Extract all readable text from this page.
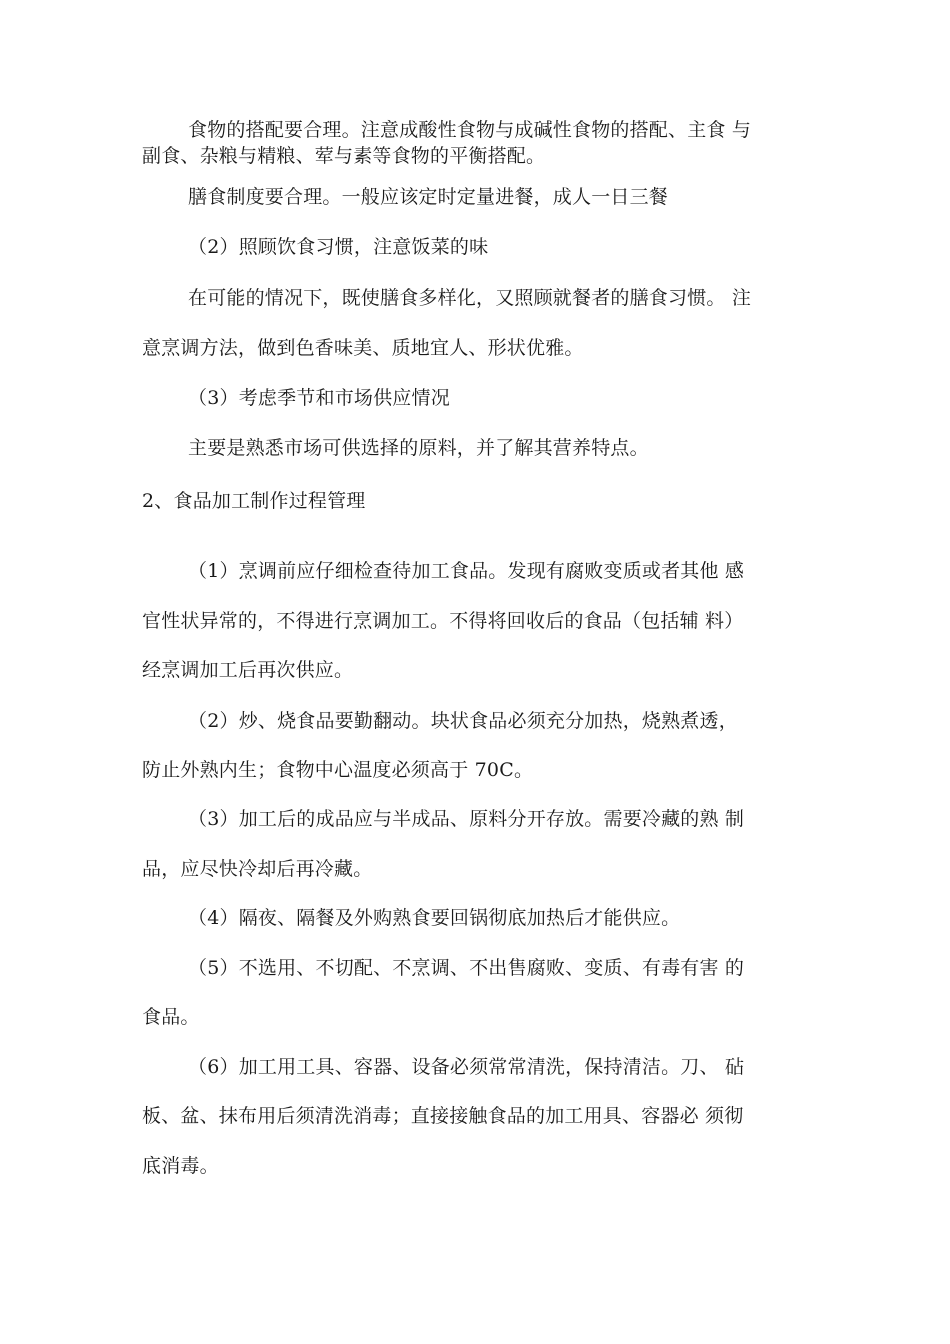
食物的搭配要合理。注意成酸性食物与成碱性食物的搭配、主食 与
副食、杂粮与精粮、荤与素等食物的平衡搭配。
膳食制度要合理。一般应该定时定量进餐，成人一日三餐
（2）照顾饮食习惯，注意饭菜的味
在可能的情况下，既使膳食多样化，又照顾就餐者的膳食习惯。 注
意烹调方法，做到色香味美、质地宜人、形状优雅。
（3）考虑季节和市场供应情况
主要是熟悉市场可供选择的原料，并了解其营养特点。
2、食品加工制作过程管理
（1）烹调前应仔细检查待加工食品。发现有腐败变质或者其他 感
官性状异常的，不得进行烹调加工。不得将回收后的食品（包括辅 料）
经烹调加工后再次供应。
（2）炒、烧食品要勤翻动。块状食品必须充分加热，烧熟煮透，
防止外熟内生；食物中心温度必须高于 70C。
（3）加工后的成品应与半成品、原料分开存放。需要冷藏的熟 制
品，应尽快冷却后再冷藏。
（4）隔夜、隔餐及外购熟食要回锅彻底加热后才能供应。
（5）不选用、不切配、不烹调、不出售腐败、变质、有毒有害 的
食品。
（6）加工用工具、容器、设备必须常常清洗，保持清洁。刀、 砧
板、盆、抹布用后须清洗消毒；直接接触食品的加工用具、容器必 须彻
底消毒。
